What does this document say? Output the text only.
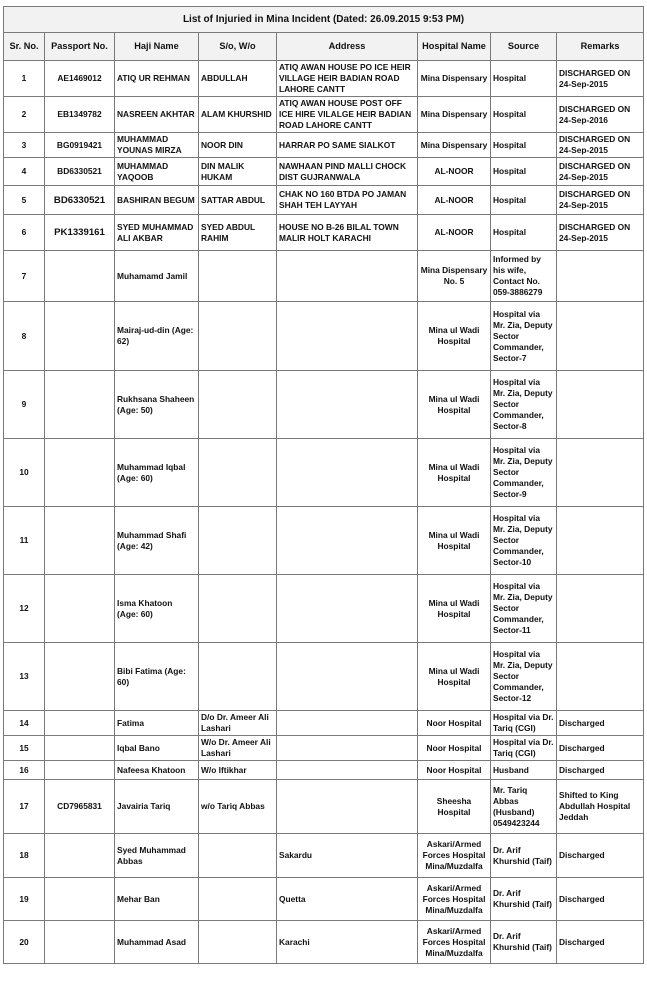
List of Injuried in Mina Incident (Dated: 26.09.2015 9:53 PM)							
Sr. No.	Passport No.	Haji Name	S/o, W/o	Address	Hospital Name	Source	Remarks
1	AE1469012	ATIQ UR REHMAN	ABDULLAH	ATIQ AWAN HOUSE PO ICE HEIR VILLAGE HEIR BADIAN ROAD LAHORE CANTT	Mina Dispensary	Hospital	DISCHARGED ON 24-Sep-2015
2	EB1349782	NASREEN AKHTAR	ALAM KHURSHID	ATIQ AWAN HOUSE POST OFF ICE HIRE VILALGE HEIR BADIAN ROAD LAHORE CANTT	Mina Dispensary	Hospital	DISCHARGED ON 24-Sep-2016
3	BG0919421	MUHAMMAD YOUNAS MIRZA	NOOR DIN	HARRAR PO SAME SIALKOT	Mina Dispensary	Hospital	DISCHARGED ON 24-Sep-2015
4	BD6330521	MUHAMMAD YAQOOB	DIN MALIK HUKAM	NAWHAAN PIND MALLI CHOCK DIST GUJRANWALA	AL-NOOR	Hospital	DISCHARGED ON 24-Sep-2015
5	BD6330521	BASHIRAN BEGUM	SATTAR ABDUL	CHAK NO 160 BTDA PO JAMAN SHAH TEH LAYYAH	AL-NOOR	Hospital	DISCHARGED ON 24-Sep-2015
6	PK1339161	SYED MUHAMMAD ALI AKBAR	SYED ABDUL RAHIM	HOUSE NO B-26 BILAL TOWN MALIR HOLT KARACHI	AL-NOOR	Hospital	DISCHARGED ON 24-Sep-2015
7		Muhamamd Jamil			Mina Dispensary No. 5	Informed by his wife, Contact No. 059-3886279	
8		Mairaj-ud-din (Age: 62)			Mina ul Wadi Hospital	Hospital via Mr. Zia, Deputy Sector Commander, Sector-7	
9		Rukhsana Shaheen (Age: 50)			Mina ul Wadi Hospital	Hospital via Mr. Zia, Deputy Sector Commander, Sector-8	
10		Muhammad Iqbal (Age: 60)			Mina ul Wadi Hospital	Hospital via Mr. Zia, Deputy Sector Commander, Sector-9	
11		Muhammad Shafi (Age: 42)			Mina ul Wadi Hospital	Hospital via Mr. Zia, Deputy Sector Commander, Sector-10	
12		Isma Khatoon (Age: 60)			Mina ul Wadi Hospital	Hospital via Mr. Zia, Deputy Sector Commander, Sector-11	
13		Bibi Fatima (Age: 60)			Mina ul Wadi Hospital	Hospital via Mr. Zia, Deputy Sector Commander, Sector-12	
14		Fatima	D/o Dr. Ameer Ali Lashari		Noor Hospital	Hospital via Dr. Tariq (CGI)	Discharged
15		Iqbal Bano	W/o Dr. Ameer Ali Lashari		Noor Hospital	Hospital via Dr. Tariq (CGI)	Discharged
16		Nafeesa Khatoon	W/o Iftikhar		Noor Hospital	Husband	Discharged
17	CD7965831	Javairia Tariq	w/o Tariq Abbas		Sheesha Hospital	Mr. Tariq Abbas (Husband) 0549423244	Shifted to King Abdullah Hospital Jeddah
18		Syed Muhammad Abbas		Sakardu	Askari/Armed Forces Hospital Mina/Muzdalfa	Dr. Arif Khurshid (Taif)	Discharged
19		Mehar Ban		Quetta	Askari/Armed Forces Hospital Mina/Muzdalfa	Dr. Arif Khurshid (Taif)	Discharged
20		Muhammad Asad		Karachi	Askari/Armed Forces Hospital Mina/Muzdalfa	Dr. Arif Khurshid (Taif)	Discharged
